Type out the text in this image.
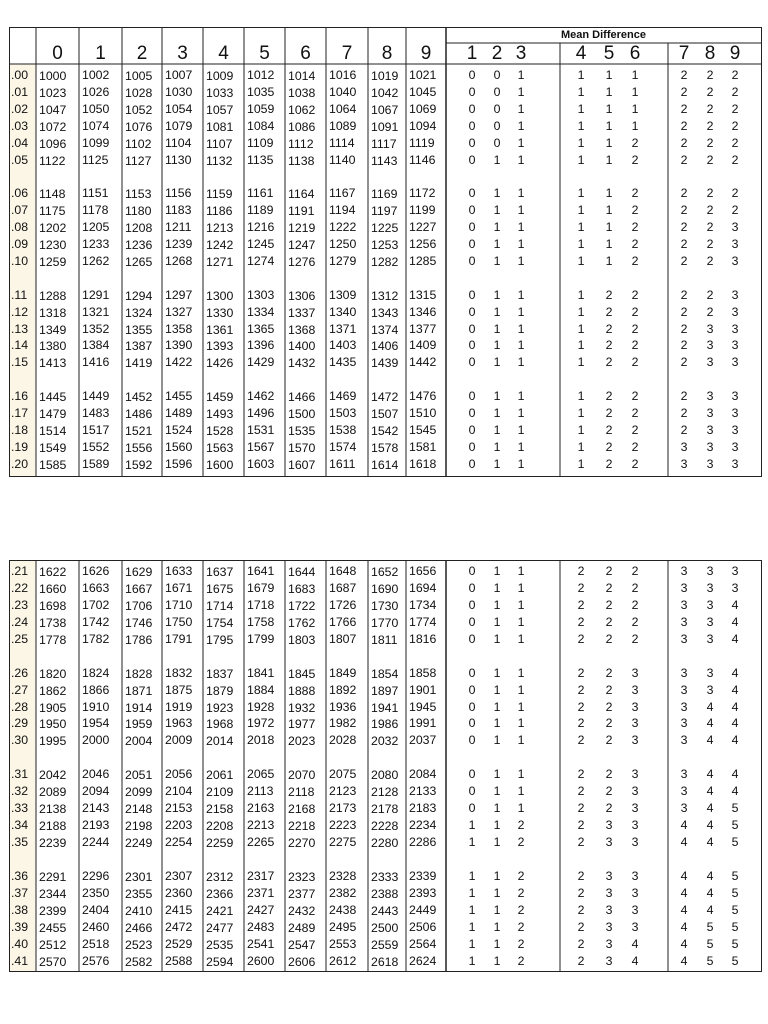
Mean Difference
0	1	2	3	4	5	6	7	8	9	1 2 3	4 5 6	7 8 9
.00 1000 1002 1005 1007 1009 1012 1014 1016 1019 1021	0	0	1	1	1	1	2	2	2
.01 1023 1026 1028 1030 1033 1035 1038 1040 1042 1045	0	0	1	1	1	1	2	2	2
.02 1047 1050 1052 1054 1057 1059 1062 1064 1067 1069	0	0	1	1	1	1	2	2	2
.03 1072 1074 1076 1079 1081 1084 1086 1089 1091 1094	0	0	1	1	1	1	2	2	2
.04 1096 1099 1102 1104 1107 1109 1112 1114 1117 1119	0	0	1	1	1	2	2	2	2
.05 1122 1125 1127 1130 1132 1135 1138 1140 1143 1146	0	1	1	1	1	2	2	2	2
.06 1148 1151 1153 1156 1159 1161 1164 1167 1169 1172	0	1	1	1	1	2	2	2	2
.07 1175 1178 1180 1183 1186 1189 1191 1194 1197 1199	0	1	1	1	1	2	2	2	2
.08 1202 1205 1208 1211 1213 1216 1219 1222 1225 1227	0	1	1	1	1	2	2	2	3
.09 1230 1233 1236 1239 1242 1245 1247 1250 1253 1256	0	1	1	1	1	2	2	2	3
.10 1259 1262 1265 1268 1271 1274 1276 1279 1282 1285	0	1	1	1	1	2	2	2	3
.11 1288 1291 1294 1297 1300 1303 1306 1309 1312 1315	0	1	1	1	2	2	2	2	3
.12 1318 1321 1324 1327 1330 1334 1337 1340 1343 1346	0	1	1	1	2	2	2	2	3
.13 1349 1352 1355 1358 1361 1365 1368 1371 1374 1377	0	1	1	1	2	2	2	3	3
.14 1380 1384 1387 1390 1393 1396 1400 1403 1406 1409	0	1	1	1	2	2	2	3	3
.15 1413 1416 1419 1422 1426 1429 1432 1435 1439 1442	0	1	1	1	2	2	2	3	3
.16 1445 1449 1452 1455 1459 1462 1466 1469 1472 1476	0	1	1	1	2	2	2	3	3
.17 1479 1483 1486 1489 1493 1496 1500 1503 1507 1510	0	1	1	1	2	2	2	3	3
.18 1514 1517 1521 1524 1528 1531 1535 1538 1542 1545	0	1	1	1	2	2	2	3	3
.19 1549 1552 1556 1560 1563 1567 1570 1574 1578 1581	0	1	1	1	2	2	3	3	3
.20 1585 1589 1592 1596 1600 1603 1607 1611 1614 1618	0	1	1	1	2	2	3	3	3
.21 1622 1626 1629 1633 1637 1641 1644 1648 1652 1656	0	1	1	2	2	2	3	3	3
.22 1660 1663 1667 1671 1675 1679 1683 1687 1690 1694	0	1	1	2	2	2	3	3	3
.23 1698 1702 1706 1710 1714 1718 1722 1726 1730 1734	0	1	1	2	2	2	3	3	4
.24 1738 1742 1746 1750 1754 1758 1762 1766 1770 1774	0	1	1	2	2	2	3	3	4
.25 1778 1782 1786 1791 1795 1799 1803 1807 1811 1816	0	1	1	2	2	2	3	3	4
.26 1820 1824 1828 1832 1837 1841 1845 1849 1854 1858	0	1	1	2	2	3	3	3	4
.27 1862 1866 1871 1875 1879 1884 1888 1892 1897 1901	0	1	1	2	2	3	3	3	4
.28 1905 1910 1914 1919 1923 1928 1932 1936 1941 1945	0	1	1	2	2	3	3	4	4
.29 1950 1954 1959 1963 1968 1972 1977 1982 1986 1991	0	1	1	2	2	3	3	4	4
.30 1995 2000 2004 2009 2014 2018 2023 2028 2032 2037	0	1	1	2	2	3	3	4	4
.31 2042 2046 2051 2056 2061 2065 2070 2075 2080 2084	0	1	1	2	2	3	3	4	4
.32 2089 2094 2099 2104 2109 2113 2118 2123 2128 2133	0	1	1	2	2	3	3	4	4
.33 2138 2143 2148 2153 2158 2163 2168 2173 2178 2183	0	1	1	2	2	3	3	4	5
.34 2188 2193 2198 2203 2208 2213 2218 2223 2228 2234	1	1	2	2	3	3	4	4	5
.35 2239 2244 2249 2254 2259 2265 2270 2275 2280 2286	1	1	2	2	3	3	4	4	5
.36 2291 2296 2301 2307 2312 2317 2323 2328 2333 2339	1	1	2	2	3	3	4	4	5
.37 2344 2350 2355 2360 2366 2371 2377 2382 2388 2393	1	1	2	2	3	3	4	4	5
.38 2399 2404 2410 2415 2421 2427 2432 2438 2443 2449	1	1	2	2	3	3	4	4	5
.39 2455 2460 2466 2472 2477 2483 2489 2495 2500 2506	1	1	2	2	3	3	4	5	5
.40 2512 2518 2523 2529 2535 2541 2547 2553 2559 2564	1	1	2	2	3	4	4	5	5
.41 2570 2576 2582 2588 2594 2600 2606 2612 2618 2624	1	1	2	2	3	4	4	5	5
